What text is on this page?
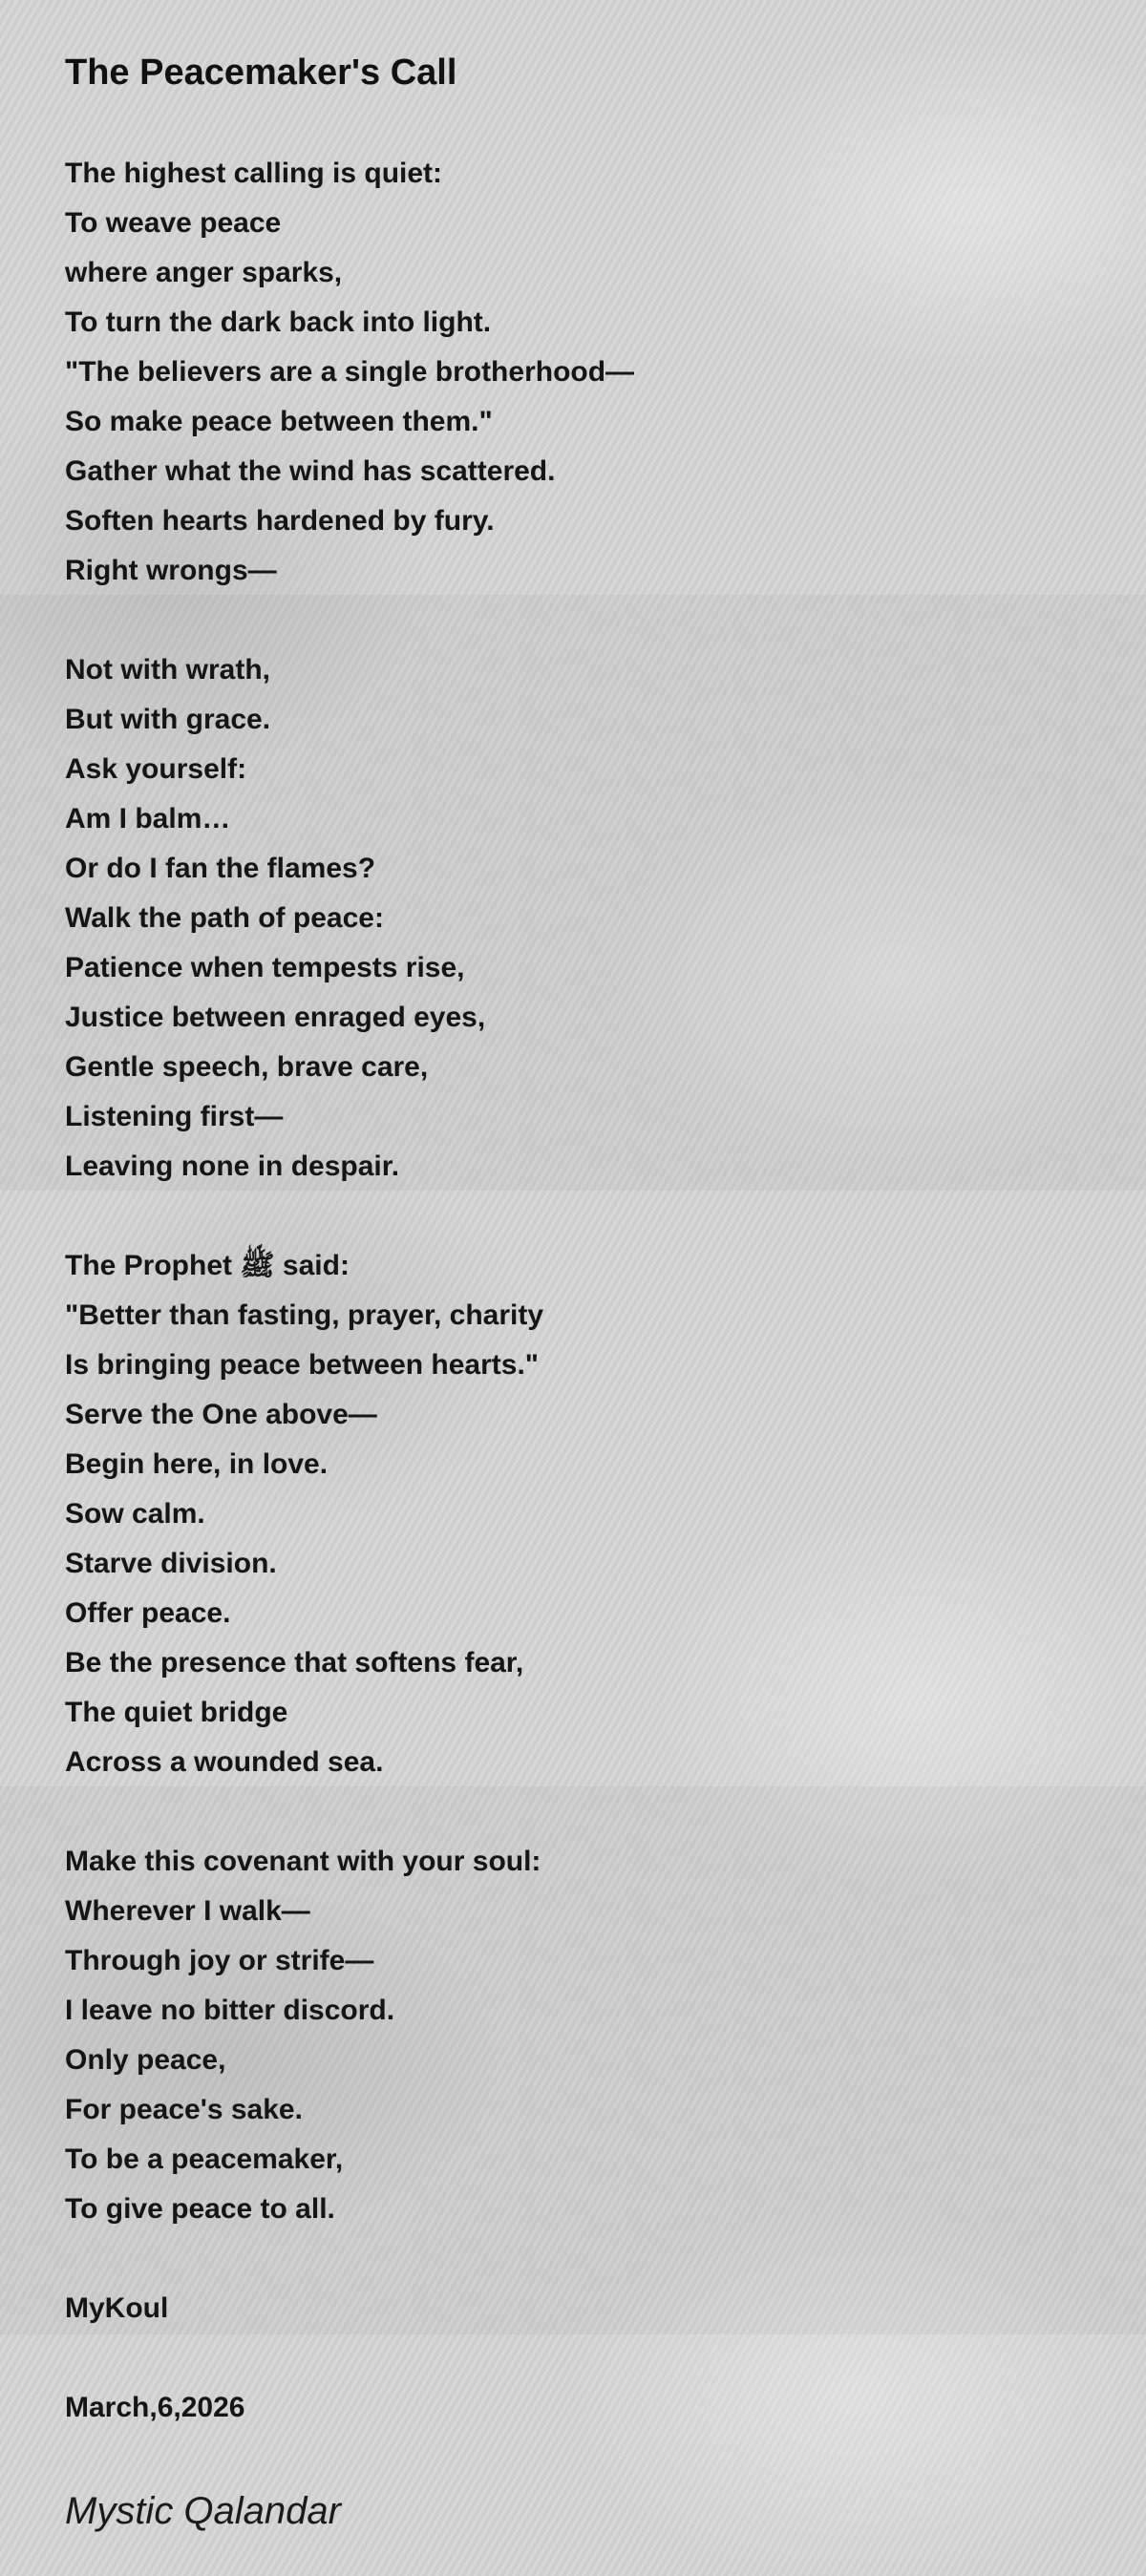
The Peacemaker's Call
The highest calling is quiet:
To weave peace
where anger sparks,
To turn the dark back into light.
"The believers are a single brotherhood—
So make peace between them."
Gather what the wind has scattered.
Soften hearts hardened by fury.
Right wrongs—
Not with wrath,
But with grace.
Ask yourself:
Am I balm…
Or do I fan the flames?
Walk the path of peace:
Patience when tempests rise,
Justice between enraged eyes,
Gentle speech, brave care,
Listening first—
Leaving none in despair.
The Prophet ﷺ said:
"Better than fasting, prayer, charity
Is bringing peace between hearts."
Serve the One above—
Begin here, in love.
Sow calm.
Starve division.
Offer peace.
Be the presence that softens fear,
The quiet bridge
Across a wounded sea.
Make this covenant with your soul:
Wherever I walk—
Through joy or strife—
I leave no bitter discord.
Only peace,
For peace's sake.
To be a peacemaker,
To give peace to all.
MyKoul
March,6,2026
Mystic Qalandar
